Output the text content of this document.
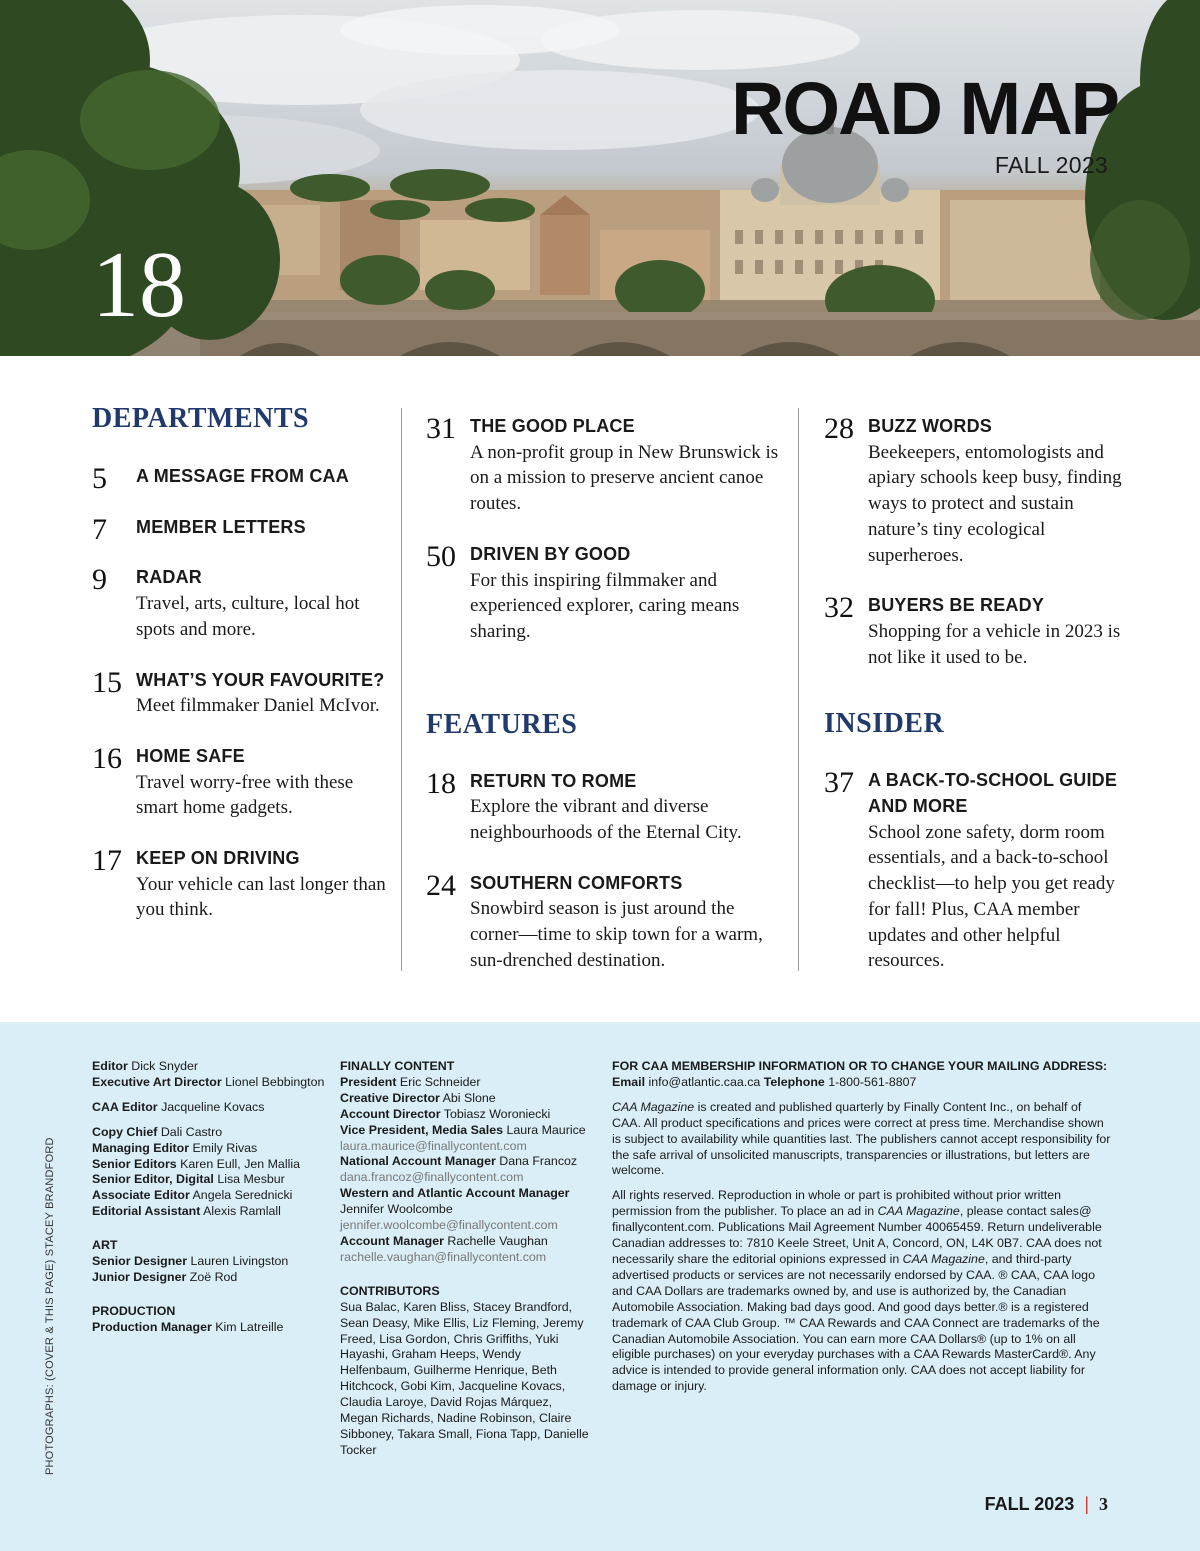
ROAD MAP
FALL 2023
18
DEPARTMENTS
5 A MESSAGE FROM CAA
7 MEMBER LETTERS
9 RADAR
Travel, arts, culture, local hot spots and more.
15 WHAT’S YOUR FAVOURITE?
Meet filmmaker Daniel McIvor.
16 HOME SAFE
Travel worry-free with these smart home gadgets.
17 KEEP ON DRIVING
Your vehicle can last longer than you think.
31 THE GOOD PLACE
A non-profit group in New Brunswick is on a mission to preserve ancient canoe routes.
50 DRIVEN BY GOOD
For this inspiring filmmaker and experienced explorer, caring means sharing.
FEATURES
18 RETURN TO ROME
Explore the vibrant and diverse neighbourhoods of the Eternal City.
24 SOUTHERN COMFORTS
Snowbird season is just around the corner—time to skip town for a warm, sun-drenched destination.
28 BUZZ WORDS
Beekeepers, entomologists and apiary schools keep busy, finding ways to protect and sustain nature’s tiny ecological superheroes.
32 BUYERS BE READY
Shopping for a vehicle in 2023 is not like it used to be.
INSIDER
37 A BACK-TO-SCHOOL GUIDE AND MORE
School zone safety, dorm room essentials, and a back-to-school checklist—to help you get ready for fall! Plus, CAA member updates and other helpful resources.
Editor Dick Snyder
Executive Art Director Lionel Bebbington
CAA Editor Jacqueline Kovacs
Copy Chief Dali Castro
Managing Editor Emily Rivas
Senior Editors Karen Eull, Jen Mallia
Senior Editor, Digital Lisa Mesbur
Associate Editor Angela Serednicki
Editorial Assistant Alexis Ramlall
ART
Senior Designer Lauren Livingston
Junior Designer Zoë Rod
PRODUCTION
Production Manager Kim Latreille
FINALLY CONTENT
President Eric Schneider
Creative Director Abi Slone
Account Director Tobiasz Woroniecki
Vice President, Media Sales Laura Maurice
laura.maurice@finallycontent.com
National Account Manager Dana Francoz
dana.francoz@finallycontent.com
Western and Atlantic Account Manager
Jennifer Woolcombe
jennifer.woolcombe@finallycontent.com
Account Manager Rachelle Vaughan
rachelle.vaughan@finallycontent.com
CONTRIBUTORS
Sua Balac, Karen Bliss, Stacey Brandford, Sean Deasy, Mike Ellis, Liz Fleming, Jeremy Freed, Lisa Gordon, Chris Griffiths, Yuki Hayashi, Graham Heeps, Wendy Helfenbaum, Guilherme Henrique, Beth Hitchcock, Gobi Kim, Jacqueline Kovacs, Claudia Laroye, David Rojas Márquez, Megan Richards, Nadine Robinson, Claire Sibboney, Takara Small, Fiona Tapp, Danielle Tocker
FOR CAA MEMBERSHIP INFORMATION OR TO CHANGE YOUR MAILING ADDRESS:
Email info@atlantic.caa.ca Telephone 1-800-561-8807

CAA Magazine is created and published quarterly by Finally Content Inc., on behalf of CAA. All product specifications and prices were correct at press time. Merchandise shown is subject to availability while quantities last. The publishers cannot accept responsibility for the safe arrival of unsolicited manuscripts, transparencies or illustrations, but letters are welcome.

All rights reserved. Reproduction in whole or part is prohibited without prior written permission from the publisher. To place an ad in CAA Magazine, please contact sales@ finallycontent.com. Publications Mail Agreement Number 40065459. Return undeliverable Canadian addresses to: 7810 Keele Street, Unit A, Concord, ON, L4K 0B7. CAA does not necessarily share the editorial opinions expressed in CAA Magazine, and third-party advertised products or services are not necessarily endorsed by CAA. ® CAA, CAA logo and CAA Dollars are trademarks owned by, and use is authorized by, the Canadian Automobile Association. Making bad days good. And good days better.® is a registered trademark of CAA Club Group. ™ CAA Rewards and CAA Connect are trademarks of the Canadian Automobile Association. You can earn more CAA Dollars® (up to 1% on all eligible purchases) on your everyday purchases with a CAA Rewards MasterCard®. Any advice is intended to provide general information only. CAA does not accept liability for damage or injury.

PHOTOGRAPHS: (COVER & THIS PAGE) STACEY BRANDFORD
FALL 2023 | 3
